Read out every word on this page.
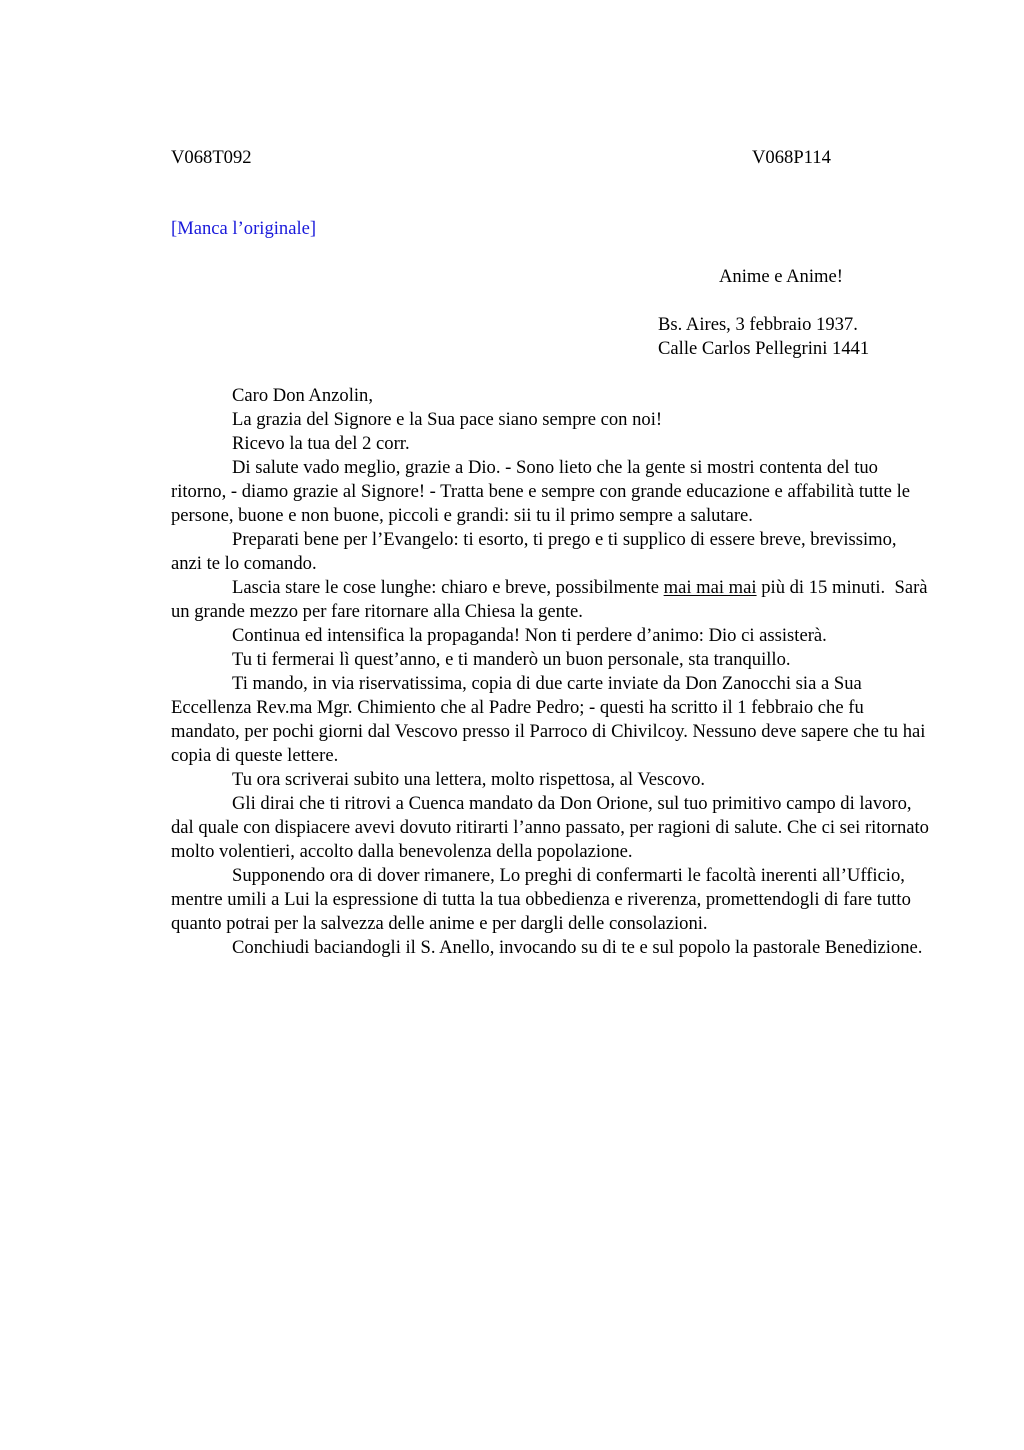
V068T092	V068P114
[Manca l’originale]
Anime e Anime!
Bs. Aires, 3 febbraio 1937.
Calle Carlos Pellegrini 1441

Caro Don Anzolin,

La grazia del Signore e la Sua pace siano sempre con noi!

Ricevo la tua del 2 corr.

Di salute vado meglio, grazie a Dio. - Sono lieto che la gente si mostri contenta del tuo ritorno, - diamo grazie al Signore! - Tratta bene e sempre con grande educazione e affabilità tutte le persone, buone e non buone, piccoli e grandi: sii tu il primo sempre a salutare.

Preparati bene per l’Evangelo: ti esorto, ti prego e ti supplico di essere breve, brevissimo, anzi te lo comando.

Lascia stare le cose lunghe: chiaro e breve, possibilmente mai mai mai più di 15 minuti.  Sarà un grande mezzo per fare ritornare alla Chiesa la gente.

Continua ed intensifica la propaganda! Non ti perdere d’animo: Dio ci assisterà.

Tu ti fermerai lì quest’anno, e ti manderò un buon personale, sta tranquillo.

Ti mando, in via riservatissima, copia di due carte inviate da Don Zanocchi sia a Sua Eccellenza Rev.ma Mgr. Chimiento che al Padre Pedro; - questi ha scritto il 1 febbraio che fu mandato, per pochi giorni dal Vescovo presso il Parroco di Chivilcoy. Nessuno deve sapere che tu hai copia di queste lettere.

Tu ora scriverai subito una lettera, molto rispettosa, al Vescovo.

Gli dirai che ti ritrovi a Cuenca mandato da Don Orione, sul tuo primitivo campo di lavoro, dal quale con dispiacere avevi dovuto ritirarti l’anno passato, per ragioni di salute. Che ci sei ritornato molto volentieri, accolto dalla benevolenza della popolazione.

Supponendo ora di dover rimanere, Lo preghi di confermarti le facoltà inerenti all’Ufficio, mentre umili a Lui la espressione di tutta la tua obbedienza e riverenza, promettendogli di fare tutto quanto potrai per la salvezza delle anime e per dargli delle consolazioni.

Conchiudi baciandogli il S. Anello, invocando su di te e sul popolo la pastorale Benedizione.
